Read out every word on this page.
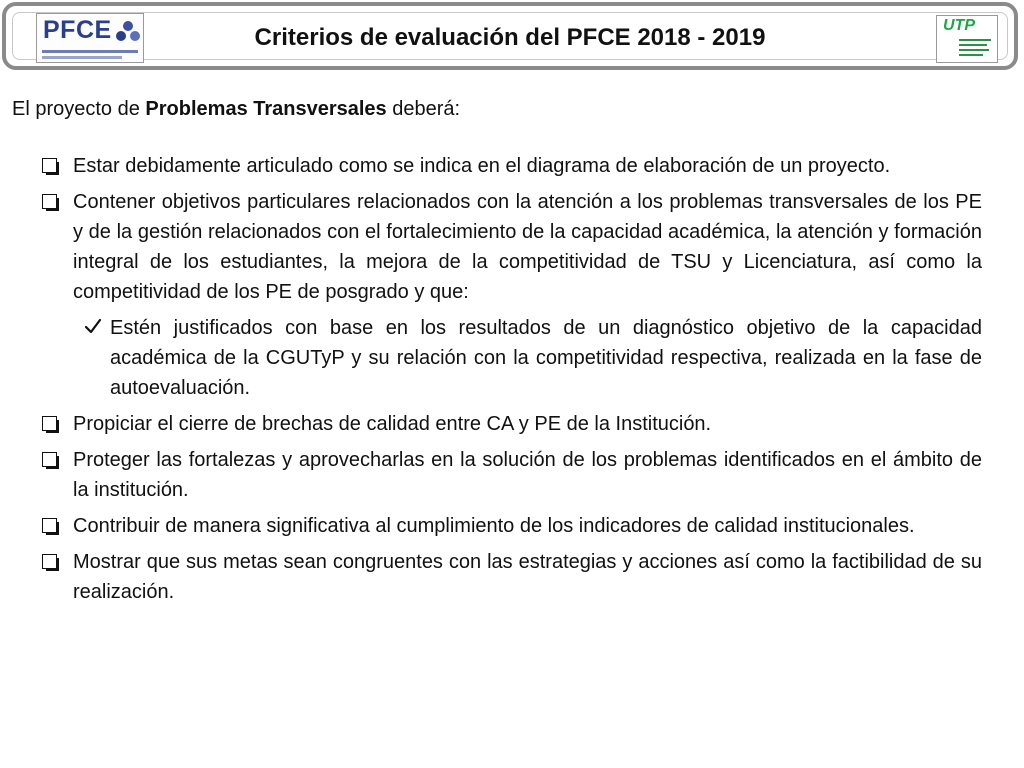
PFCE	Criterios de evaluación del PFCE 2018 - 2019	UTP

El proyecto de Problemas Transversales deberá:

Estar debidamente articulado como se indica en el diagrama de elaboración de un proyecto.
Contener objetivos particulares relacionados con la atención a los problemas transversales de los PE y de la gestión relacionados con el fortalecimiento de la capacidad académica, la atención y formación integral de los estudiantes, la mejora de la competitividad de TSU y Licenciatura, así como la competitividad de los PE de posgrado y que:
Estén justificados con base en los resultados de un diagnóstico objetivo de la capacidad académica de la CGUTyP y su relación con la competitividad respectiva, realizada en la fase de autoevaluación.
Propiciar el cierre de brechas de calidad entre CA y PE de la Institución.
Proteger las fortalezas y aprovecharlas en la solución de los problemas identificados en el ámbito de la institución.
Contribuir de manera significativa al cumplimiento de los indicadores de calidad institucionales.
Mostrar que sus metas sean congruentes con las estrategias y acciones así como la factibilidad de su realización.
